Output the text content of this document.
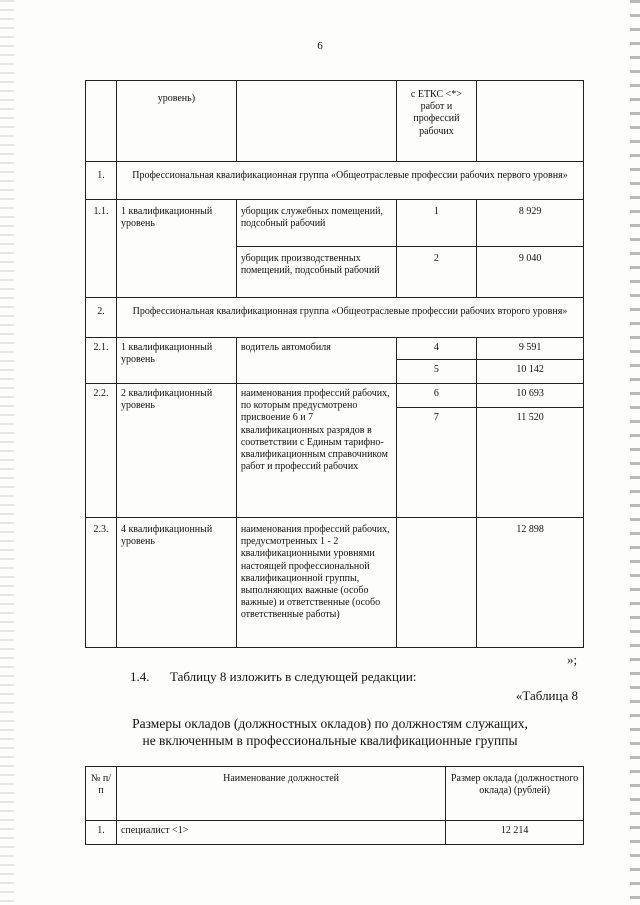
6
	уровень)		с ЕТКС <*> работ и профессий рабочих	
1.	Профессиональная квалификационная группа «Общеотраслевые профессии рабочих первого уровня»			
1.1.	1 квалификационный уровень	уборщик служебных помещений, подсобный рабочий	1	8 929
		уборщик производственных помещений, подсобный рабочий	2	9 040
2.	Профессиональная квалификационная группа «Общеотраслевые профессии рабочих второго уровня»			
2.1.	1 квалификационный уровень	водитель автомобиля	4	9 591
			5	10 142
2.2.	2 квалификационный уровень	наименования профессий рабочих, по которым предусмотрено присвоение 6 и 7 квалификационных разрядов в соответствии с Единым тарифно-квалификационным справочником работ и профессий рабочих	6	10 693
			7	11 520
2.3.	4 квалификационный уровень	наименования профессий рабочих, предусмотренных 1 - 2 квалификационными уровнями настоящей профессиональной квалификационной группы, выполняющих важные (особо важные) и ответственные (особо ответственные работы)		12 898
»;
1.4. Таблицу 8 изложить в следующей редакции:
«Таблица 8
Размеры окладов (должностных окладов) по должностям служащих,
не включенным в профессиональные квалификационные группы
№ п/п	Наименование должностей	Размер оклада (должностного оклада) (рублей)
1.	специалист <1>	12 214
